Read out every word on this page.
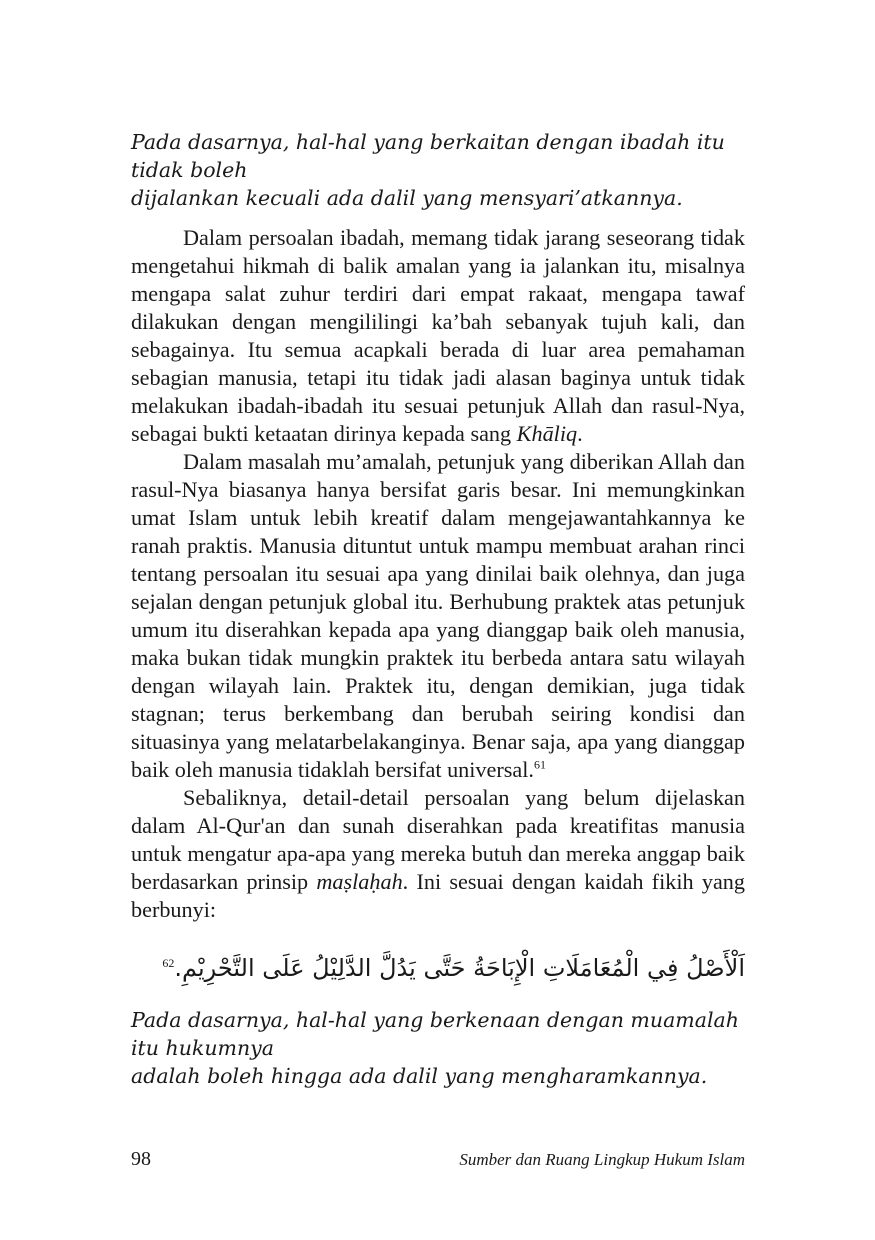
Pada dasarnya, hal-hal yang berkaitan dengan ibadah itu tidak boleh

dijalankan kecuali ada dalil yang mensyari’atkannya.

Dalam persoalan ibadah, memang tidak jarang seseorang tidak mengetahui hikmah di balik amalan yang ia jalankan itu, misalnya mengapa salat zuhur terdiri dari empat rakaat, mengapa tawaf dilakukan dengan mengililingi ka’bah sebanyak tujuh kali, dan sebagainya. Itu semua acapkali berada di luar area pemahaman sebagian manusia, tetapi itu tidak jadi alasan baginya untuk tidak melakukan ibadah-ibadah itu sesuai petunjuk Allah dan rasul-Nya, sebagai bukti ketaatan dirinya kepada sang Khāliq.

Dalam masalah mu’amalah, petunjuk yang diberikan Allah dan rasul-Nya biasanya hanya bersifat garis besar. Ini memungkinkan umat Islam untuk lebih kreatif dalam mengejawantahkannya ke ranah praktis. Manusia dituntut untuk mampu membuat arahan rinci tentang persoalan itu sesuai apa yang dinilai baik olehnya, dan juga sejalan dengan petunjuk global itu. Berhubung praktek atas petunjuk umum itu diserahkan kepada apa yang dianggap baik oleh manusia, maka bukan tidak mungkin praktek itu berbeda antara satu wilayah dengan wilayah lain. Praktek itu, dengan demikian, juga tidak stagnan; terus berkembang dan berubah seiring kondisi dan situasinya yang melatarbelakanginya. Benar saja, apa yang dianggap baik oleh manusia tidaklah bersifat universal.$^{61}$

Sebaliknya, detail-detail persoalan yang belum dijelaskan dalam Al-Qur'an dan sunah diserahkan pada kreatifitas manusia untuk mengatur apa-apa yang mereka butuh dan mereka anggap baik berdasarkan prinsip maṣlaḥah. Ini sesuai dengan kaidah fikih yang berbunyi:

اَلْأَصْلُ فِي الْمُعَامَلَاتِ الْإِبَاحَةُ حَتَّى يَدُلَّ الدَّلِيْلُ عَلَى التَّحْرِيْمِ.$^{62}$

Pada dasarnya, hal-hal yang berkenaan dengan muamalah itu hukumnya

adalah boleh hingga ada dalil yang mengharamkannya.

98	Sumber dan Ruang Lingkup Hukum Islam
